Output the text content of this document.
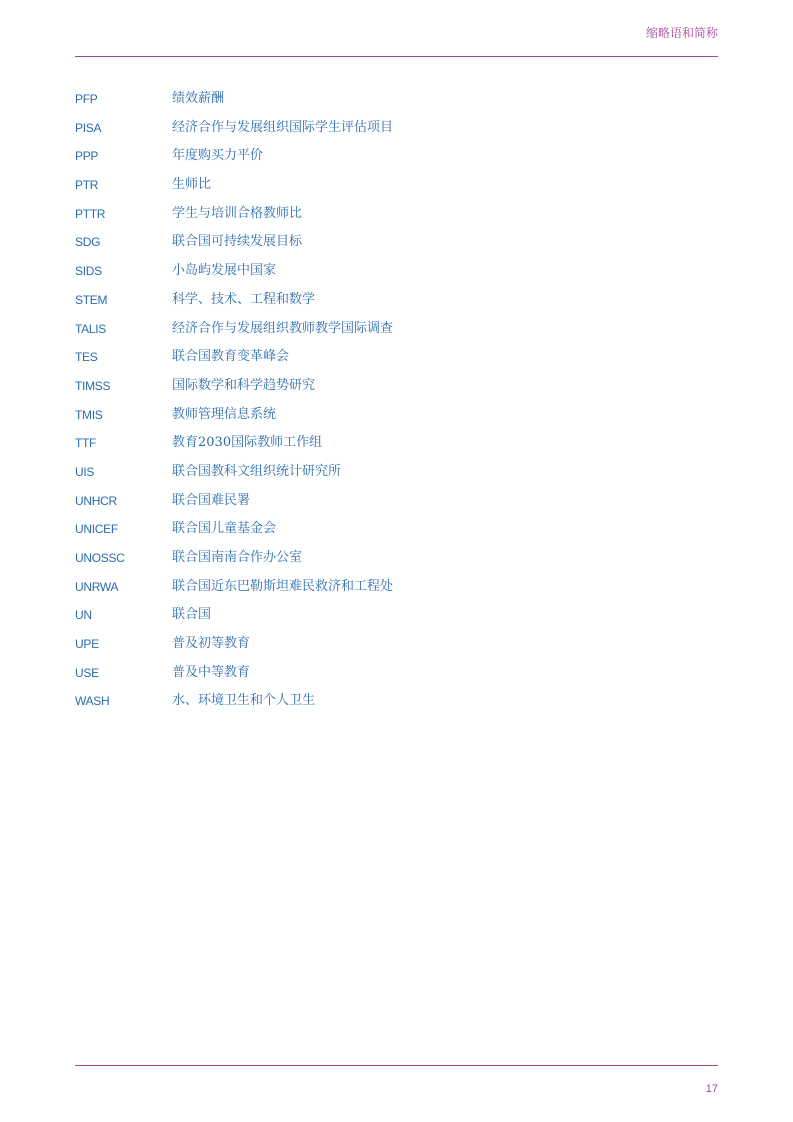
缩略语和简称
PFP	绩效薪酬
PISA	经济合作与发展组织国际学生评估项目
PPP	年度购买力平价
PTR	生师比
PTTR	学生与培训合格教师比
SDG	联合国可持续发展目标
SIDS	小岛屿发展中国家
STEM	科学、技术、工程和数学
TALIS	经济合作与发展组织教师教学国际调查
TES	联合国教育变革峰会
TIMSS	国际数学和科学趋势研究
TMIS	教师管理信息系统
TTF	教育2030国际教师工作组
UIS	联合国教科文组织统计研究所
UNHCR	联合国难民署
UNICEF	联合国儿童基金会
UNOSSC	联合国南南合作办公室
UNRWA	联合国近东巴勒斯坦难民救济和工程处
UN	联合国
UPE	普及初等教育
USE	普及中等教育
WASH	水、环境卫生和个人卫生
17
